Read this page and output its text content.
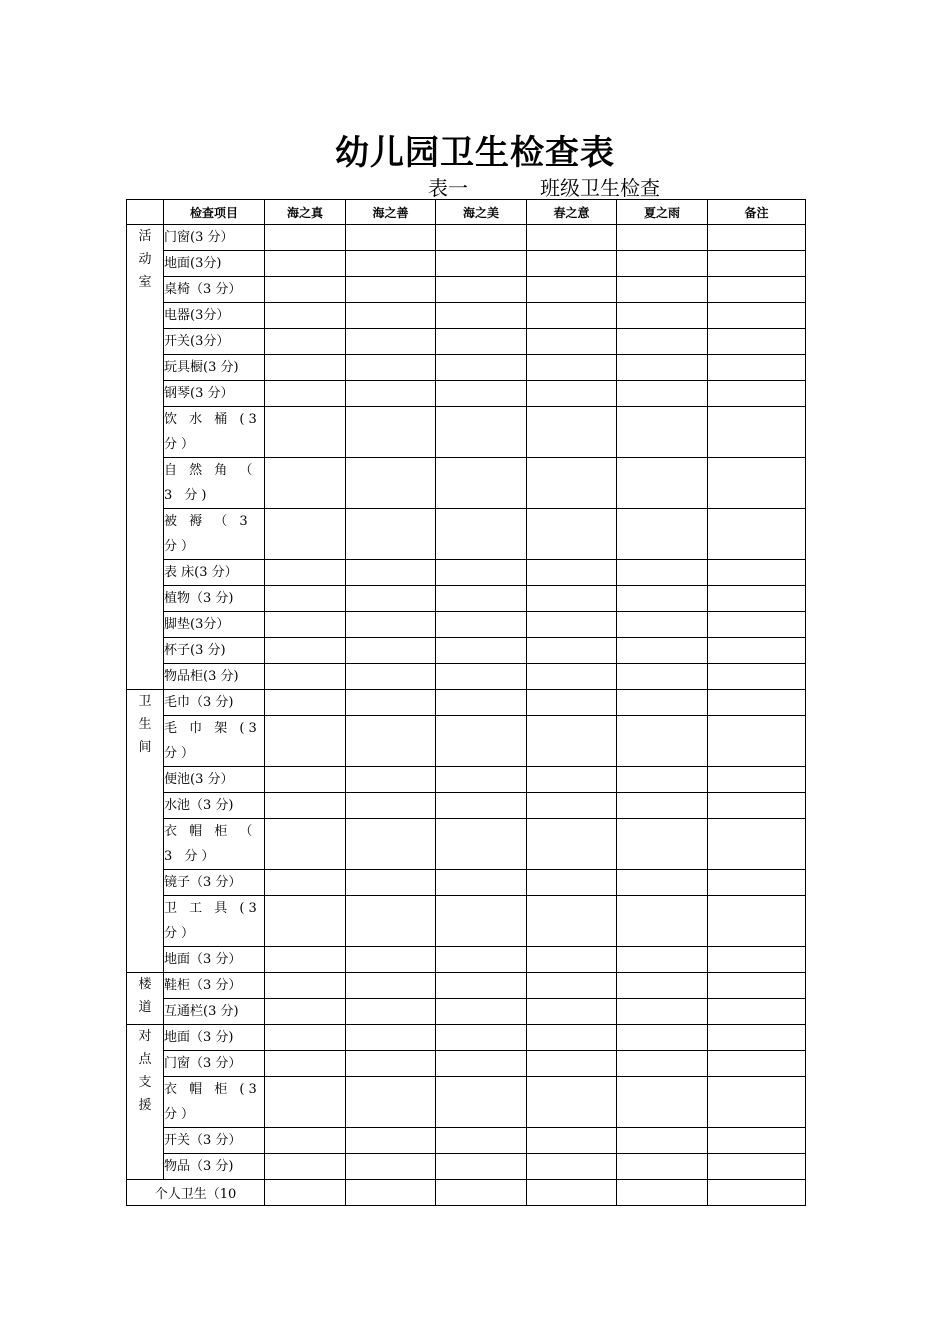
幼儿园卫生检查表
表一	班级卫生检查
	检查项目	海之真	海之善	海之美	春之意	夏之雨	备注

活
动
室	门窗(3 分）						
	地面(3分)						
	桌椅（3 分）						
	电器(3分）						
	开关(3分）						
	玩具橱(3 分)						
	钢琴(3 分）						
	饮 水 桶 (3 分）						
	自 然 角 （ 3 分)						
	被 褥 （ 3 分）						
	表 床(3 分）						
	植物（3 分)						
	脚垫(3分）						
	杯子(3 分)						
	物品柜(3 分)						

卫
生
间	毛巾（3 分)						
	毛 巾 架 (3 分）						
	便池(3 分）						
	水池（3 分)						
	衣 帽 柜 （ 3 分）						
	镜子（3 分）						
	卫 工 具 (3 分）						
	地面（3 分）						

楼
道	鞋柜（3 分）						
	互通栏(3 分)						

对
点
支
援	地面（3 分)						
	门窗（3 分）						
	衣 帽 柜 (3 分）						
	开关（3 分）						
	物品（3 分)						
个人卫生（10							
